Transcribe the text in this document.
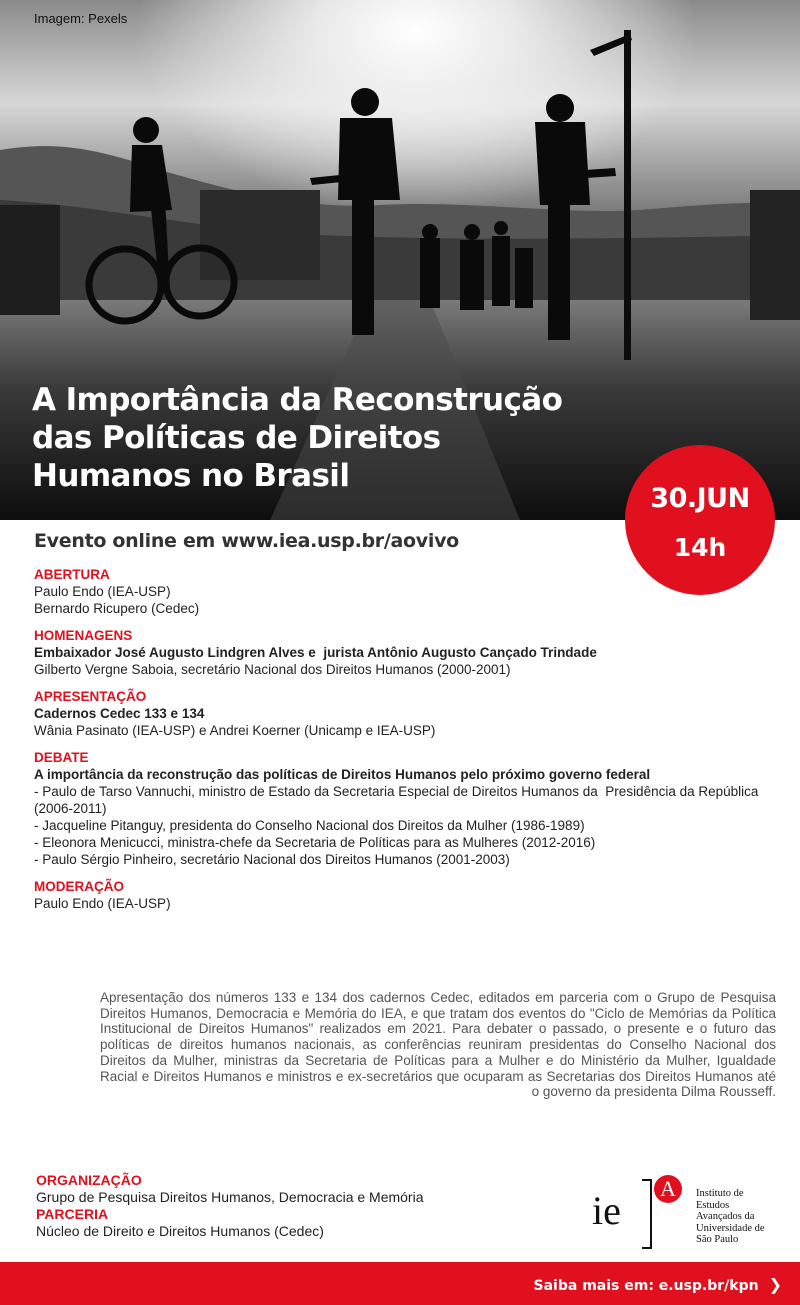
Imagem: Pexels
A Importância da Reconstrução das Políticas de Direitos Humanos no Brasil
30.JUN
14h
Evento online em www.iea.usp.br/aovivo
ABERTURA

Paulo Endo (IEA-USP)

Bernardo Ricupero (Cedec)

HOMENAGENS

Embaixador José Augusto Lindgren Alves e  jurista Antônio Augusto Cançado Trindade

Gilberto Vergne Saboia, secretário Nacional dos Direitos Humanos (2000-2001)

APRESENTAÇÃO

Cadernos Cedec 133 e 134

Wânia Pasinato (IEA-USP) e Andrei Koerner (Unicamp e IEA-USP)

DEBATE

A importância da reconstrução das políticas de Direitos Humanos pelo próximo governo federal

- Paulo de Tarso Vannuchi, ministro de Estado da Secretaria Especial de Direitos Humanos da  Presidência da República (2006-2011)

- Jacqueline Pitanguy, presidenta do Conselho Nacional dos Direitos da Mulher (1986-1989)

- Eleonora Menicucci, ministra-chefe da Secretaria de Políticas para as Mulheres (2012-2016)

- Paulo Sérgio Pinheiro, secretário Nacional dos Direitos Humanos (2001-2003)

MODERAÇÃO

Paulo Endo (IEA-USP)

Apresentação dos números 133 e 134 dos cadernos Cedec, editados em parceria com o Grupo de Pesquisa Direitos Humanos, Democracia e Memória do IEA, e que tratam dos eventos do "Ciclo de Memórias da Política Institucional de Direitos Humanos" realizados em 2021. Para debater o passado, o presente e o futuro das políticas de direitos humanos nacionais, as conferências reuniram presidentas do Conselho Nacional dos Direitos da Mulher, ministras da Secretaria de Políticas para a Mulher e do Ministério da Mulher, Igualdade Racial e Direitos Humanos e ministros e ex-secretários que ocuparam as Secretarias dos Direitos Humanos até o governo da presidenta Dilma Rousseff.

ORGANIZAÇÃO
Grupo de Pesquisa Direitos Humanos, Democracia e Memória
PARCERIA
Núcleo de Direito e Direitos Humanos (Cedec)	ie A	Instituto de
Estudos
Avançados da
Universidade de
São Paulo
Saiba mais em: e.usp.br/kpn ❯
